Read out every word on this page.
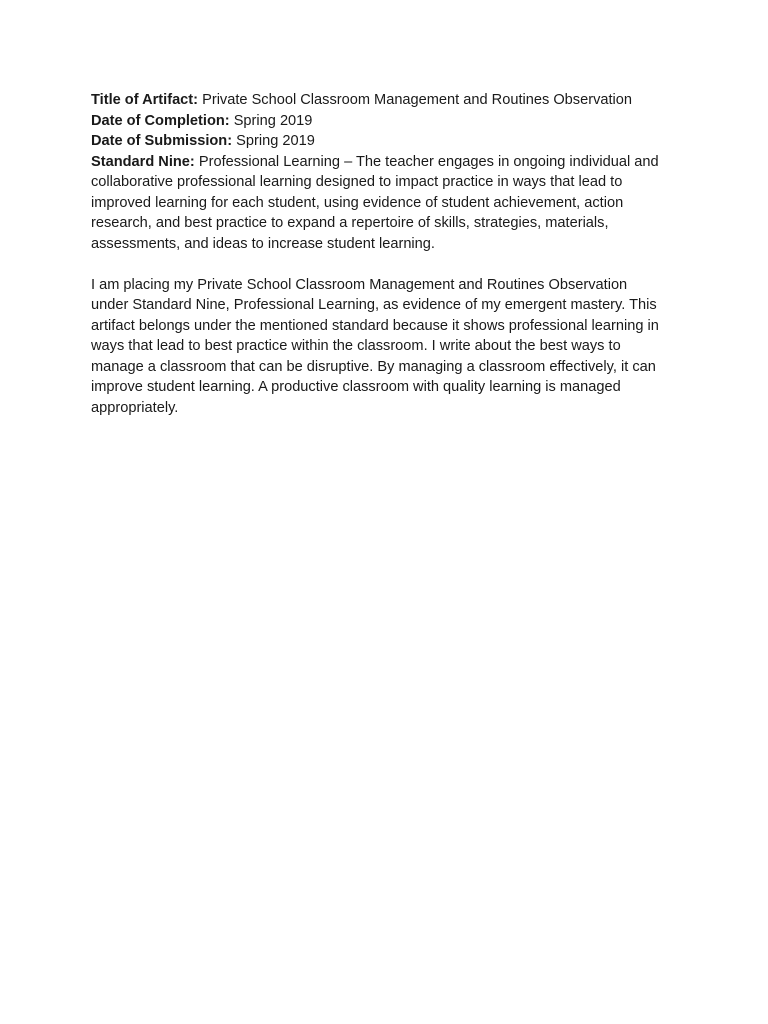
Title of Artifact: Private School Classroom Management and Routines Observation

Date of Completion: Spring 2019

Date of Submission: Spring 2019

Standard Nine: Professional Learning – The teacher engages in ongoing individual and

collaborative professional learning designed to impact practice in ways that lead to

improved learning for each student, using evidence of student achievement, action

research, and best practice to expand a repertoire of skills, strategies, materials,

assessments, and ideas to increase student learning.

I am placing my Private School Classroom Management and Routines Observation

under Standard Nine, Professional Learning, as evidence of my emergent mastery. This

artifact belongs under the mentioned standard because it shows professional learning in

ways that lead to best practice within the classroom. I write about the best ways to

manage a classroom that can be disruptive. By managing a classroom effectively, it can

improve student learning. A productive classroom with quality learning is managed

appropriately.
